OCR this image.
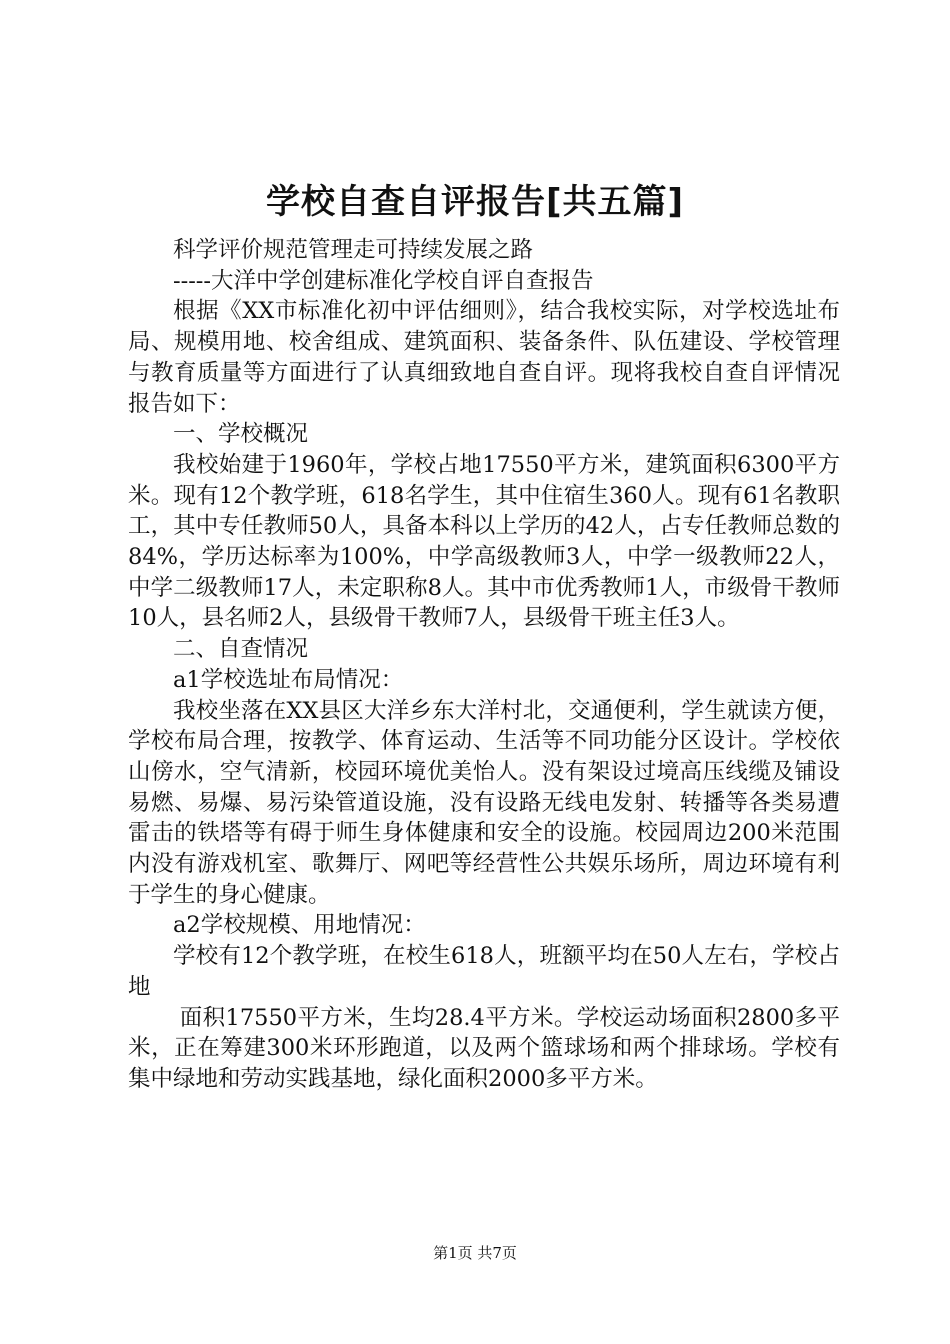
学校自查自评报告[共五篇]

科学评价规范管理走可持续发展之路

-----大洋中学创建标准化学校自评自查报告

根据《XX市标准化初中评估细则》，结合我校实际，对学校选址布局、规模用地、校舍组成、建筑面积、装备条件、队伍建设、学校管理与教育质量等方面进行了认真细致地自查自评。现将我校自查自评情况报告如下：

一、学校概况

我校始建于1960年，学校占地17550平方米，建筑面积6300平方米。现有12个教学班，618名学生，其中住宿生360人。现有61名教职工，其中专任教师50人，具备本科以上学历的42人，占专任教师总数的84%，学历达标率为100%，中学高级教师3人，中学一级教师22人，中学二级教师17人，未定职称8人。其中市优秀教师1人，市级骨干教师10人，县名师2人，县级骨干教师7人，县级骨干班主任3人。

二、自查情况

a1学校选址布局情况：

我校坐落在XX县区大洋乡东大洋村北，交通便利，学生就读方便，学校布局合理，按教学、体育运动、生活等不同功能分区设计。学校依山傍水，空气清新，校园环境优美怡人。没有架设过境高压线缆及铺设易燃、易爆、易污染管道设施，没有设路无线电发射、转播等各类易遭雷击的铁塔等有碍于师生身体健康和安全的设施。校园周边200米范围内没有游戏机室、歌舞厅、网吧等经营性公共娱乐场所，周边环境有利于学生的身心健康。

a2学校规模、用地情况：

学校有12个教学班，在校生618人，班额平均在50人左右，学校占地

面积17550平方米，生均28.4平方米。学校运动场面积2800多平米，正在筹建300米环形跑道，以及两个篮球场和两个排球场。学校有集中绿地和劳动实践基地，绿化面积2000多平方米。

第1页 共7页
